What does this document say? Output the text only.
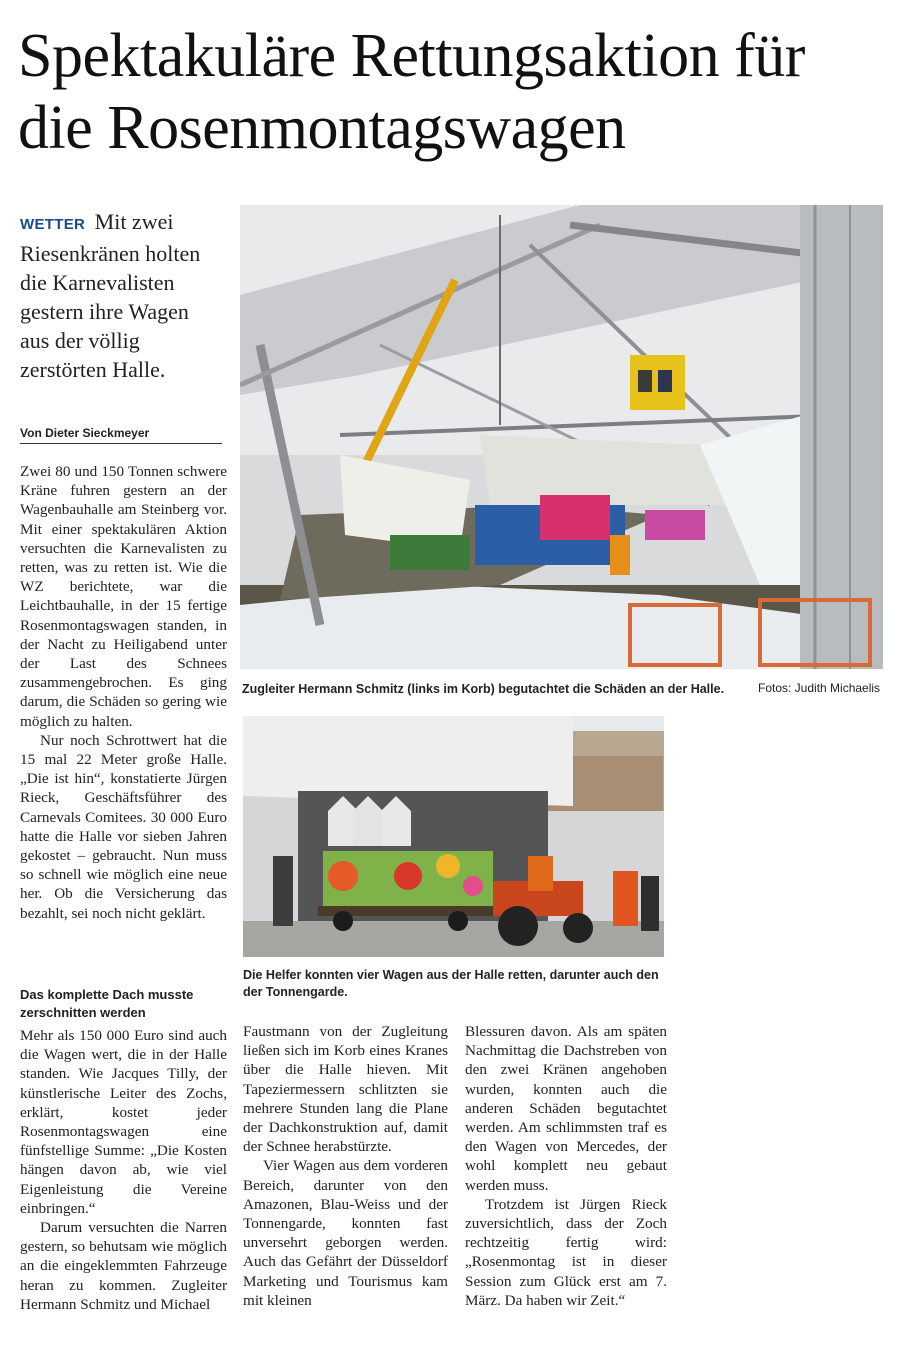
Spektakuläre Rettungsaktion für die Rosenmontagswagen
WETTER Mit zwei Riesenkränen holten die Karnevalisten gestern ihre Wagen aus der völlig zerstörten Halle.
Von Dieter Sieckmeyer

Zwei 80 und 150 Tonnen schwere Kräne fuhren gestern an der Wagenbauhalle am Steinberg vor. Mit einer spektakulären Aktion versuchten die Karnevalisten zu retten, was zu retten ist. Wie die WZ berichtete, war die Leichtbauhalle, in der 15 fertige Rosenmontagswagen standen, in der Nacht zu Heiligabend unter der Last des Schnees zusammengebrochen. Es ging darum, die Schäden so gering wie möglich zu halten.

Nur noch Schrottwert hat die 15 mal 22 Meter große Halle. „Die ist hin“, konstatierte Jürgen Rieck, Geschäftsführer des Carnevals Comitees. 30 000 Euro hatte die Halle vor sieben Jahren gekostet – gebraucht. Nun muss so schnell wie möglich eine neue her. Ob die Versicherung das bezahlt, sei noch nicht geklärt.

Das komplette Dach musste zerschnitten werden

Mehr als 150 000 Euro sind auch die Wagen wert, die in der Halle standen. Wie Jacques Tilly, der künstlerische Leiter des Zochs, erklärt, kostet jeder Rosenmontagswagen eine fünfstellige Summe: „Die Kosten hängen davon ab, wie viel Eigenleistung die Vereine einbringen.“

Darum versuchten die Narren gestern, so behutsam wie möglich an die eingeklemmten Fahrzeuge heran zu kommen. Zugleiter Hermann Schmitz und Michael

Faustmann von der Zugleitung ließen sich im Korb eines Kranes über die Halle hieven. Mit Tapeziermessern schlitzten sie mehrere Stunden lang die Plane der Dachkonstruktion auf, damit der Schnee herabstürzte.

Vier Wagen aus dem vorderen Bereich, darunter von den Amazonen, Blau-Weiss und der Tonnengarde, konnten fast unversehrt geborgen werden. Auch das Gefährt der Düsseldorf Marketing und Tourismus kam mit kleinen

Blessuren davon. Als am späten Nachmittag die Dachstreben von den zwei Kränen angehoben wurden, konnten auch die anderen Schäden begutachtet werden. Am schlimmsten traf es den Wagen von Mercedes, der wohl komplett neu gebaut werden muss.

Trotzdem ist Jürgen Rieck zuversichtlich, dass der Zoch rechtzeitig fertig wird: „Rosenmontag ist in dieser Session zum Glück erst am 7. März. Da haben wir Zeit.“

Zugleiter Hermann Schmitz (links im Korb) begutachtet die Schäden an der Halle.	Fotos: Judith Michaelis
Die Helfer konnten vier Wagen aus der Halle retten, darunter auch den der Tonnengarde.
